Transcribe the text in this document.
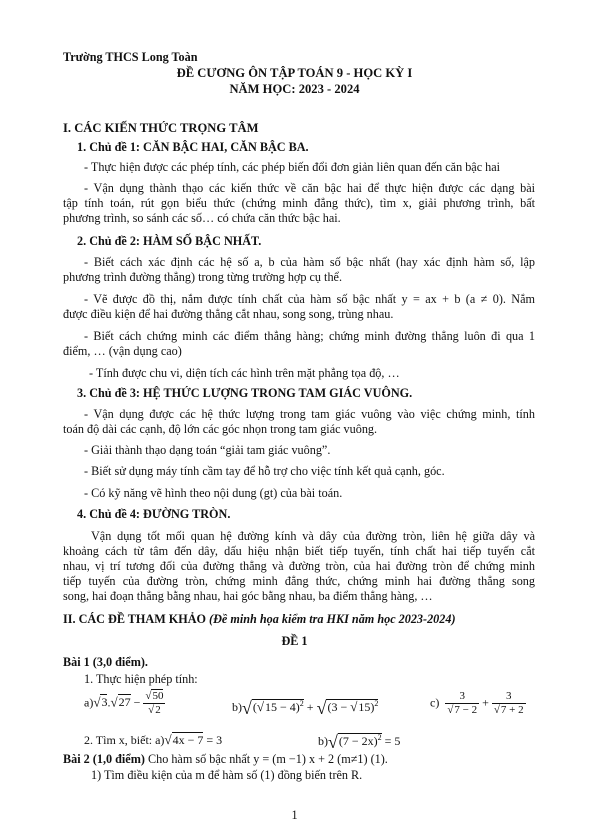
Trường THCS Long Toàn
ĐỀ CƯƠNG ÔN TẬP TOÁN 9 - HỌC KỲ I
NĂM HỌC: 2023 - 2024
I. CÁC KIẾN THỨC TRỌNG TÂM
1. Chủ đề 1: CĂN BẬC HAI, CĂN BẬC BA.
- Thực hiện được các phép tính, các phép biến đổi đơn giản liên quan đến căn bậc hai
- Vận dụng thành thạo các kiến thức về căn bậc hai để thực hiện được các dạng bài
tập tính toán, rút gọn biểu thức (chứng minh đẳng thức), tìm x, giải phương trình, bất
phương trình, so sánh các số… có chứa căn thức bậc hai.
2. Chủ đề 2: HÀM SỐ BẬC NHẤT.
- Biết cách xác định các hệ số a, b của hàm số bậc nhất (hay xác định hàm số, lập
phương trình đường thẳng) trong từng trường hợp cụ thể.
- Vẽ được đồ thị, nắm được tính chất của hàm số bậc nhất y = ax + b (a ≠ 0). Nắm
được điều kiện để hai đường thẳng cắt nhau, song song, trùng nhau.
- Biết cách chứng minh các điểm thẳng hàng; chứng minh đường thẳng luôn đi qua 1
điểm, … (vận dụng cao)
- Tính được chu vi, diện tích các hình trên mặt phẳng tọa độ, …
3. Chủ đề 3: HỆ THỨC LƯỢNG TRONG TAM GIÁC VUÔNG.
- Vận dụng được các hệ thức lượng trong tam giác vuông vào việc chứng minh, tính
toán độ dài các cạnh, độ lớn các góc nhọn trong tam giác vuông.
- Giải thành thạo dạng toán “giải tam giác vuông”.
- Biết sử dụng máy tính cầm tay để hỗ trợ cho việc tính kết quả cạnh, góc.
- Có kỹ năng vẽ hình theo nội dung (gt) của bài toán.
4. Chủ đề 4: ĐƯỜNG TRÒN.
Vận dụng tốt mối quan hệ đường kính và dây của đường tròn, liên hệ giữa dây và
khoảng cách từ tâm đến dây, dấu hiệu nhận biết tiếp tuyến, tính chất hai tiếp tuyến cắt
nhau, vị trí tương đối của đường thẳng và đường tròn, của hai đường tròn để chứng minh
tiếp tuyến của đường tròn, chứng minh đẳng thức, chứng minh hai đường thẳng song
song, hai đoạn thẳng bằng nhau, hai góc bằng nhau, ba điểm thẳng hàng, …
II. CÁC ĐỀ THAM KHẢO (Đề minh họa kiểm tra HKI năm học 2023-2024)
ĐỀ 1
Bài 1 (3,0 điểm).
1. Thực hiện phép tính:
$a)√3.√27 - \frac{√50}{√2}$	$b)√(√15 - 4)^2 + √(3 - √15)^2$	$c) \frac{3}{√7 - 2} + \frac{3}{√7 + 2}$
2. Tìm x, biết: a)√4x − 7 = 3	$b)√(7 - 2x)^2 = 5$
Bài 2 (1,0 điểm) Cho hàm số bậc nhất y = (m −1) x + 2 (m≠1) (1).
1) Tìm điều kiện của m để hàm số (1) đồng biến trên R.
1
